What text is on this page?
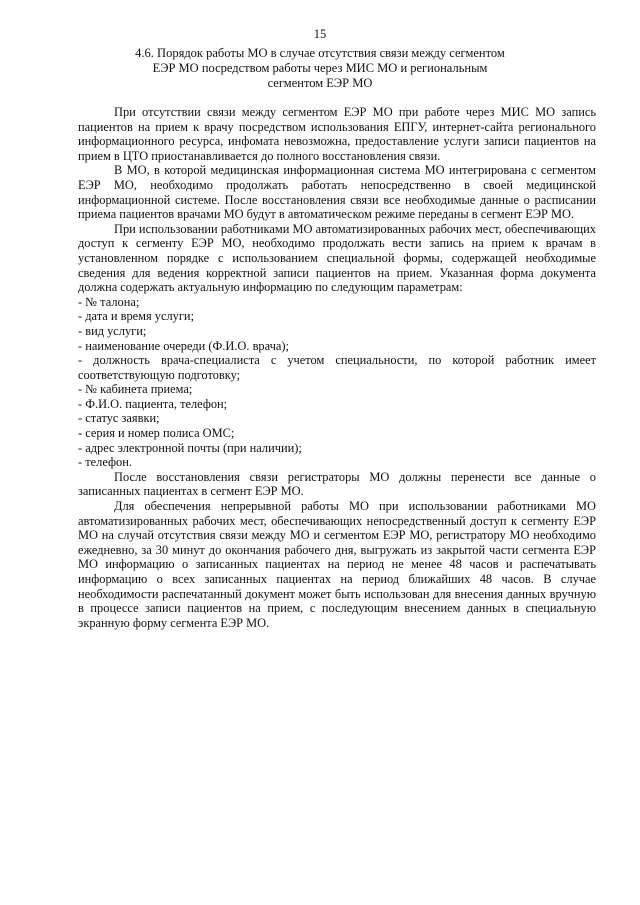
15
4.6. Порядок работы МО в случае отсутствия связи между сегментом
ЕЭР МО посредством работы через МИС МО и региональным
сегментом ЕЭР МО

При отсутствии связи между сегментом ЕЭР МО при работе через МИС МО запись пациентов на прием к врачу посредством использования ЕПГУ, интернет-сайта регионального информационного ресурса, инфомата невозможна, предоставление услуги записи пациентов на прием в ЦТО приостанавливается до полного восстановления связи.

В МО, в которой медицинская информационная система МО интегрирована с сегментом ЕЭР МО, необходимо продолжать работать непосредственно в своей медицинской информационной системе. После восстановления связи все необходимые данные о расписании приема пациентов врачами МО будут в автоматическом режиме переданы в сегмент ЕЭР МО.

При использовании работниками МО автоматизированных рабочих мест, обеспечивающих доступ к сегменту ЕЭР МО, необходимо продолжать вести запись на прием к врачам в установленном порядке с использованием специальной формы, содержащей необходимые сведения для ведения корректной записи пациентов на прием. Указанная форма документа должна содержать актуальную информацию по следующим параметрам:

- № талона;
- дата и время услуги;
- вид услуги;
- наименование очереди (Ф.И.О. врача);
- должность врача-специалиста с учетом специальности, по которой работник имеет соответствующую подготовку;
- № кабинета приема;
- Ф.И.О. пациента, телефон;
- статус заявки;
- серия и номер полиса ОМС;
- адрес электронной почты (при наличии);
- телефон.

После восстановления связи регистраторы МО должны перенести все данные о записанных пациентах в сегмент ЕЭР МО.

Для обеспечения непрерывной работы МО при использовании работниками МО автоматизированных рабочих мест, обеспечивающих непосредственный доступ к сегменту ЕЭР МО на случай отсутствия связи между МО и сегментом ЕЭР МО, регистратору МО необходимо ежедневно, за 30 минут до окончания рабочего дня, выгружать из закрытой части сегмента ЕЭР МО информацию о записанных пациентах на период не менее 48 часов и распечатывать информацию о всех записанных пациентах на период ближайших 48 часов. В случае необходимости распечатанный документ может быть использован для внесения данных вручную в процессе записи пациентов на прием, с последующим внесением данных в специальную экранную форму сегмента ЕЭР МО.
